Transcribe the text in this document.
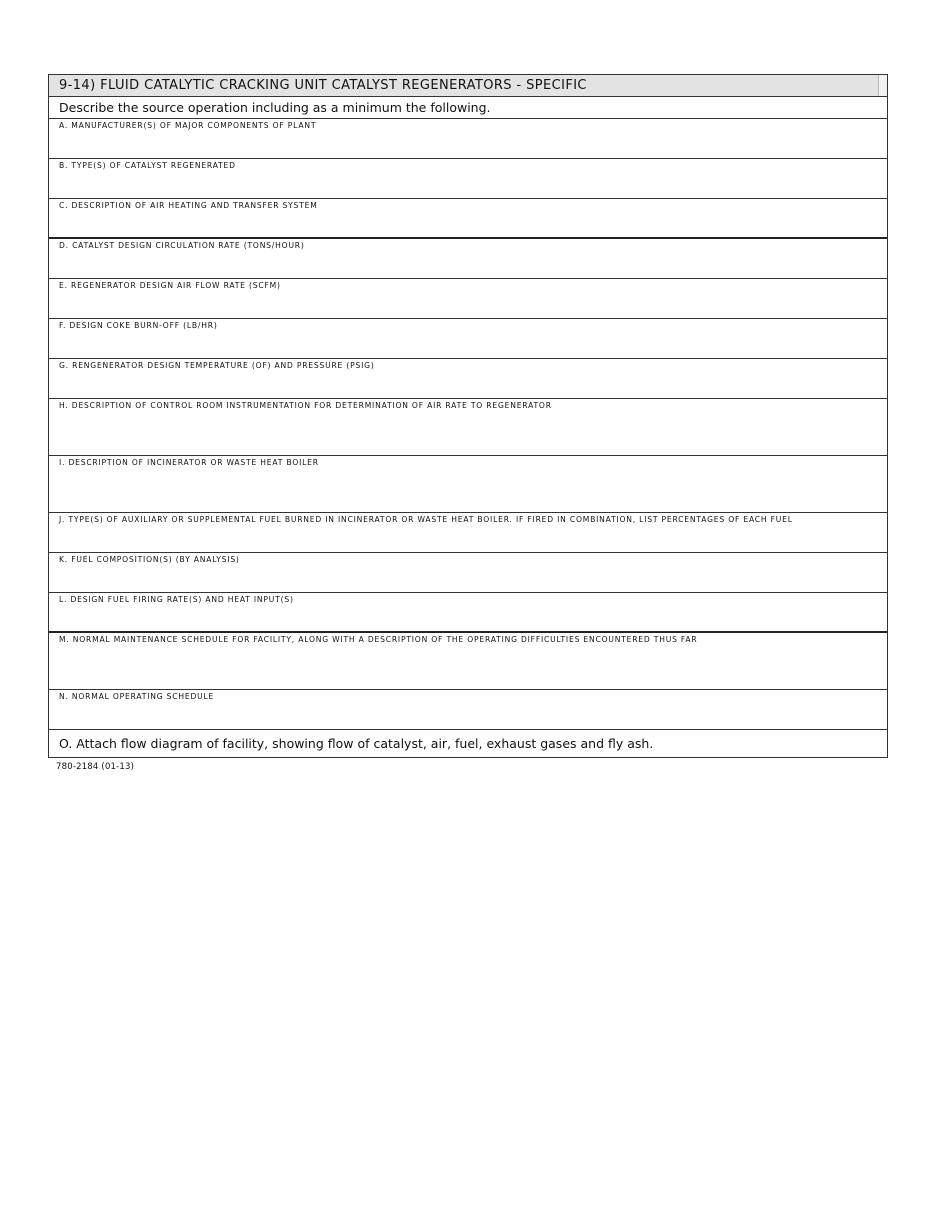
9-14) FLUID CATALYTIC CRACKING UNIT CATALYST REGENERATORS - SPECIFIC
Describe the source operation including as a minimum the following.
A. MANUFACTURER(S) OF MAJOR COMPONENTS OF PLANT
B. TYPE(S) OF CATALYST REGENERATED
C. DESCRIPTION OF AIR HEATING AND TRANSFER SYSTEM
D. CATALYST DESIGN CIRCULATION RATE (TONS/HOUR)
E. REGENERATOR DESIGN AIR FLOW RATE (SCFM)
F. DESIGN COKE BURN-OFF (LB/HR)
G. RENGENERATOR DESIGN TEMPERATURE (OF) AND PRESSURE (PSIG)
H. DESCRIPTION OF CONTROL ROOM INSTRUMENTATION FOR DETERMINATION OF AIR RATE TO REGENERATOR
I. DESCRIPTION OF INCINERATOR OR WASTE HEAT BOILER
J. TYPE(S) OF AUXILIARY OR SUPPLEMENTAL FUEL BURNED IN INCINERATOR OR WASTE HEAT BOILER. IF FIRED IN COMBINATION, LIST PERCENTAGES OF EACH FUEL
K. FUEL COMPOSITION(S) (BY ANALYSIS)
L. DESIGN FUEL FIRING RATE(S) AND HEAT INPUT(S)
M. NORMAL MAINTENANCE SCHEDULE FOR FACILITY, ALONG WITH A DESCRIPTION OF THE OPERATING DIFFICULTIES ENCOUNTERED THUS FAR
N. NORMAL OPERATING SCHEDULE
O. Attach flow diagram of facility, showing flow of catalyst, air, fuel, exhaust gases and fly ash.
780-2184 (01-13)
